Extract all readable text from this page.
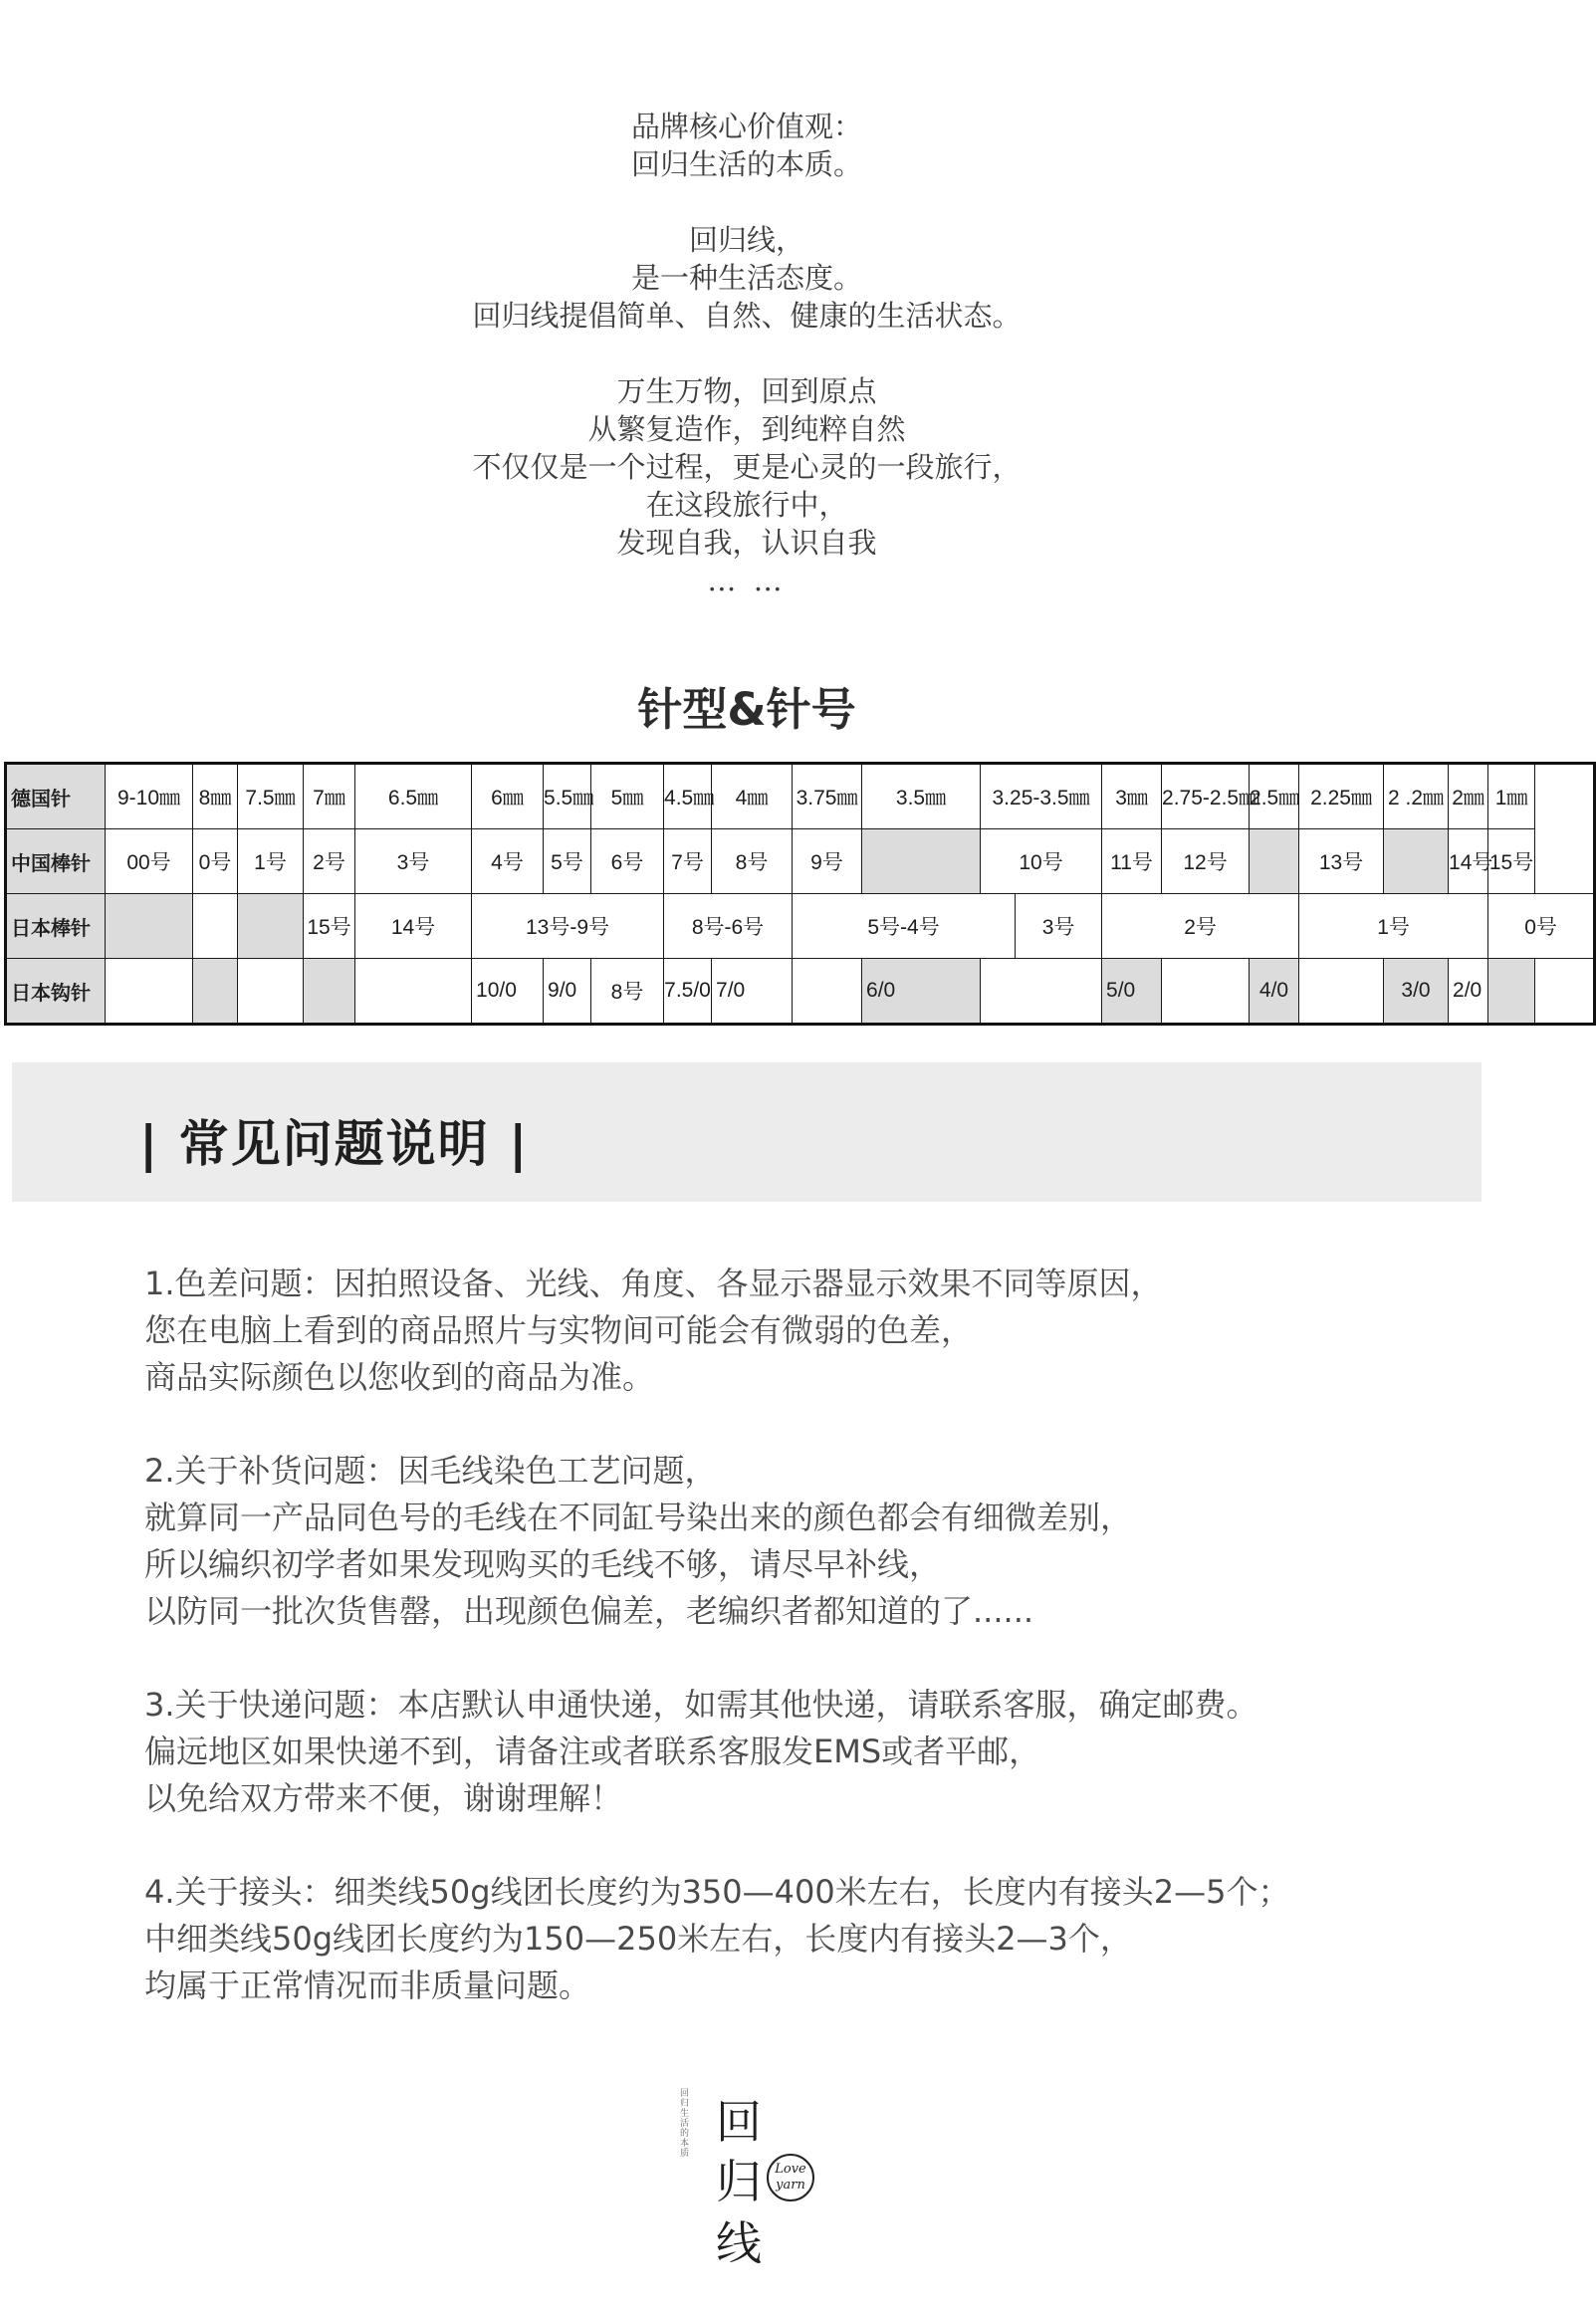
品牌核心价值观：
回归生活的本质。
回归线，
是一种生活态度。
回归线提倡简单、自然、健康的生活状态。
万生万物，回到原点
从繁复造作，到纯粹自然
不仅仅是一个过程，更是心灵的一段旅行，
在这段旅行中，
发现自我，认识自我
… …
针型&针号
德国针	9-10㎜	8㎜	7.5㎜	7㎜	6.5㎜	6㎜	5.5㎜	5㎜	4.5㎜	4㎜	3.75㎜	3.5㎜	3.25-3.5㎜		3㎜	2.75-2.5㎜	2.5㎜	2.25㎜	2 .2㎜	2㎜	1㎜
中国棒针	00号	0号	1号	2号	3号	4号	5号	6号	7号	8号	9号		10号		11号	12号		13号		14号	15号
日本棒针				15号	14号	13号-9号			8号-6号		5号-4号			3号	2号			1号			0号
日本钩针						10/0	9/0	8号	7.5/0	7/0		6/0			5/0		4/0		3/0	2/0	
| 常见问题说明 |
1.色差问题：因拍照设备、光线、角度、各显示器显示效果不同等原因，
您在电脑上看到的商品照片与实物间可能会有微弱的色差，
商品实际颜色以您收到的商品为准。
2.关于补货问题：因毛线染色工艺问题，
就算同一产品同色号的毛线在不同缸号染出来的颜色都会有细微差别，
所以编织初学者如果发现购买的毛线不够，请尽早补线，
以防同一批次货售罄，出现颜色偏差，老编织者都知道的了......
3.关于快递问题：本店默认申通快递，如需其他快递，请联系客服，确定邮费。
偏远地区如果快递不到，请备注或者联系客服发EMS或者平邮，
以免给双方带来不便，谢谢理解！
4.关于接头：细类线50g线团长度约为350—400米左右，长度内有接头2—5个；
中细类线50g线团长度约为150—250米左右，长度内有接头2—3个，
均属于正常情况而非质量问题。
回归生活的本质 回
归
线
Love
yarn
